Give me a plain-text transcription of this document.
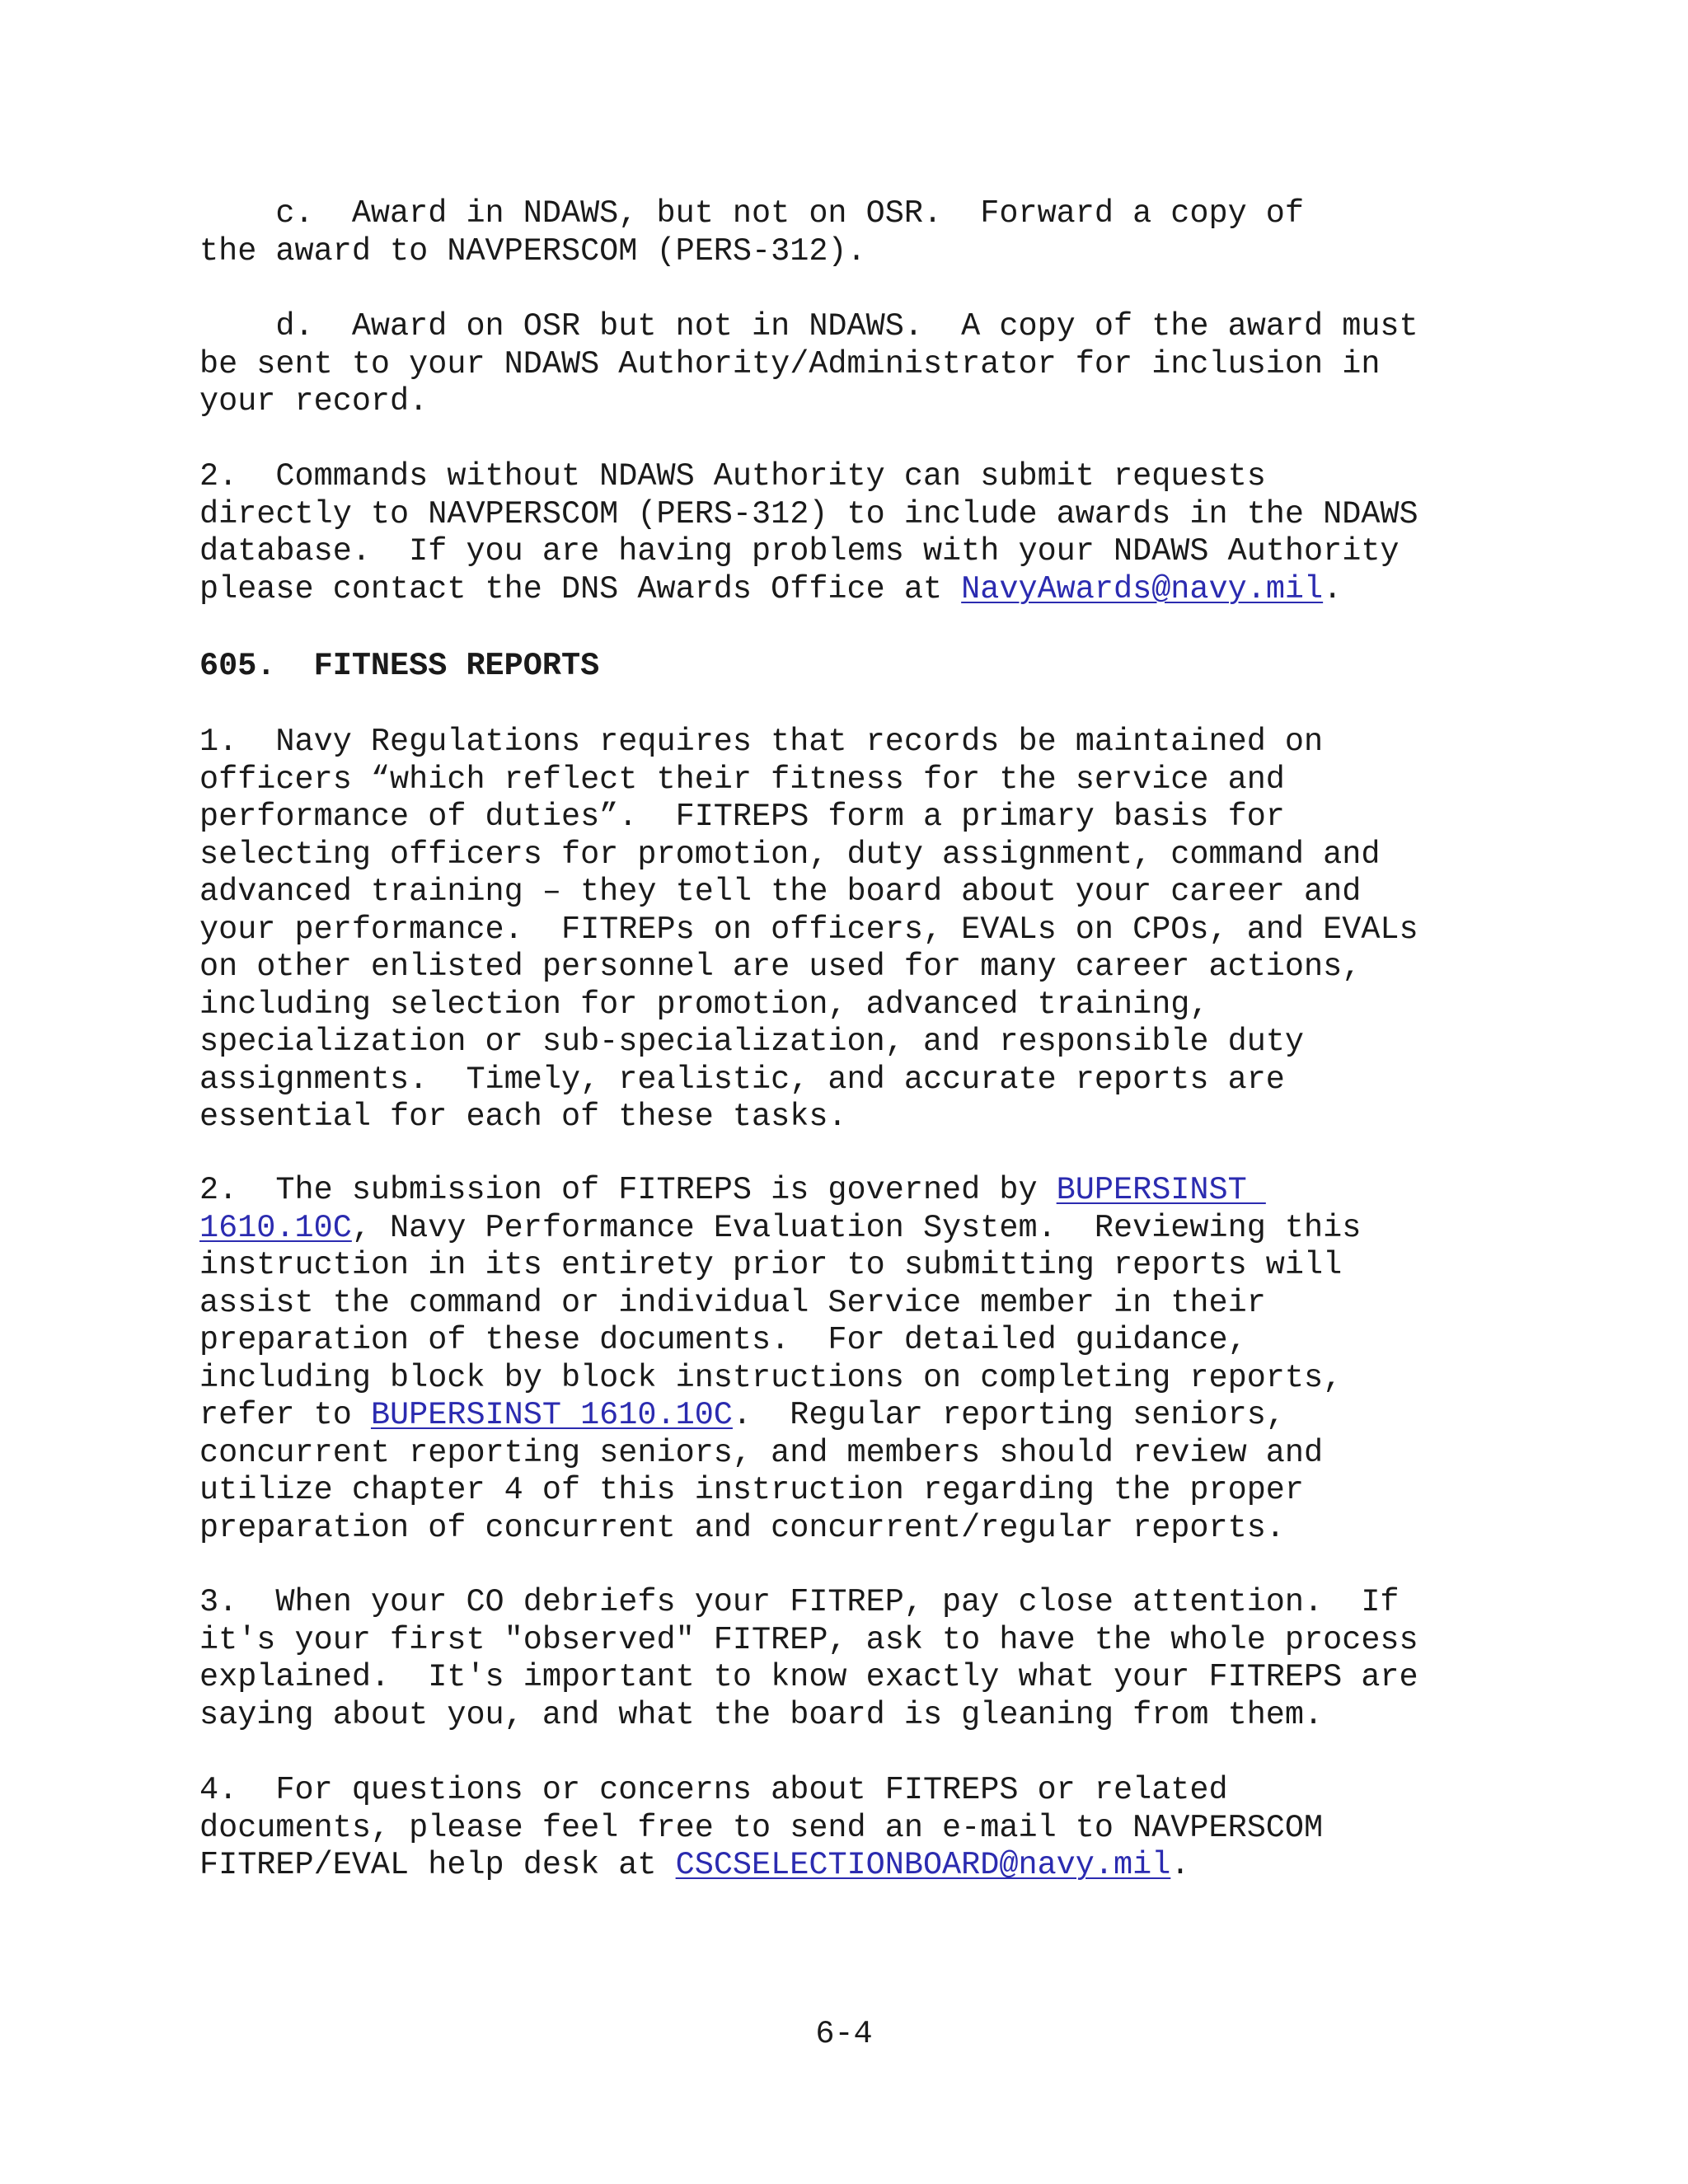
c.  Award in NDAWS, but not on OSR.  Forward a copy of
the award to NAVPERSCOM (PERS-312).
d.  Award on OSR but not in NDAWS.  A copy of the award must
be sent to your NDAWS Authority/Administrator for inclusion in
your record.
2.  Commands without NDAWS Authority can submit requests
directly to NAVPERSCOM (PERS-312) to include awards in the NDAWS
database.  If you are having problems with your NDAWS Authority
please contact the DNS Awards Office at NavyAwards@navy.mil.
605.  FITNESS REPORTS
1.  Navy Regulations requires that records be maintained on
officers “which reflect their fitness for the service and
performance of duties”.  FITREPS form a primary basis for
selecting officers for promotion, duty assignment, command and
advanced training – they tell the board about your career and
your performance.  FITREPs on officers, EVALs on CPOs, and EVALs
on other enlisted personnel are used for many career actions,
including selection for promotion, advanced training,
specialization or sub-specialization, and responsible duty
assignments.  Timely, realistic, and accurate reports are
essential for each of these tasks.
2.  The submission of FITREPS is governed by BUPERSINST
1610.10C, Navy Performance Evaluation System.  Reviewing this
instruction in its entirety prior to submitting reports will
assist the command or individual Service member in their
preparation of these documents.  For detailed guidance,
including block by block instructions on completing reports,
refer to BUPERSINST 1610.10C.  Regular reporting seniors,
concurrent reporting seniors, and members should review and
utilize chapter 4 of this instruction regarding the proper
preparation of concurrent and concurrent/regular reports.
3.  When your CO debriefs your FITREP, pay close attention.  If
it's your first "observed" FITREP, ask to have the whole process
explained.  It's important to know exactly what your FITREPS are
saying about you, and what the board is gleaning from them.
4.  For questions or concerns about FITREPS or related
documents, please feel free to send an e-mail to NAVPERSCOM
FITREP/EVAL help desk at CSCSELECTIONBOARD@navy.mil.
6-4
